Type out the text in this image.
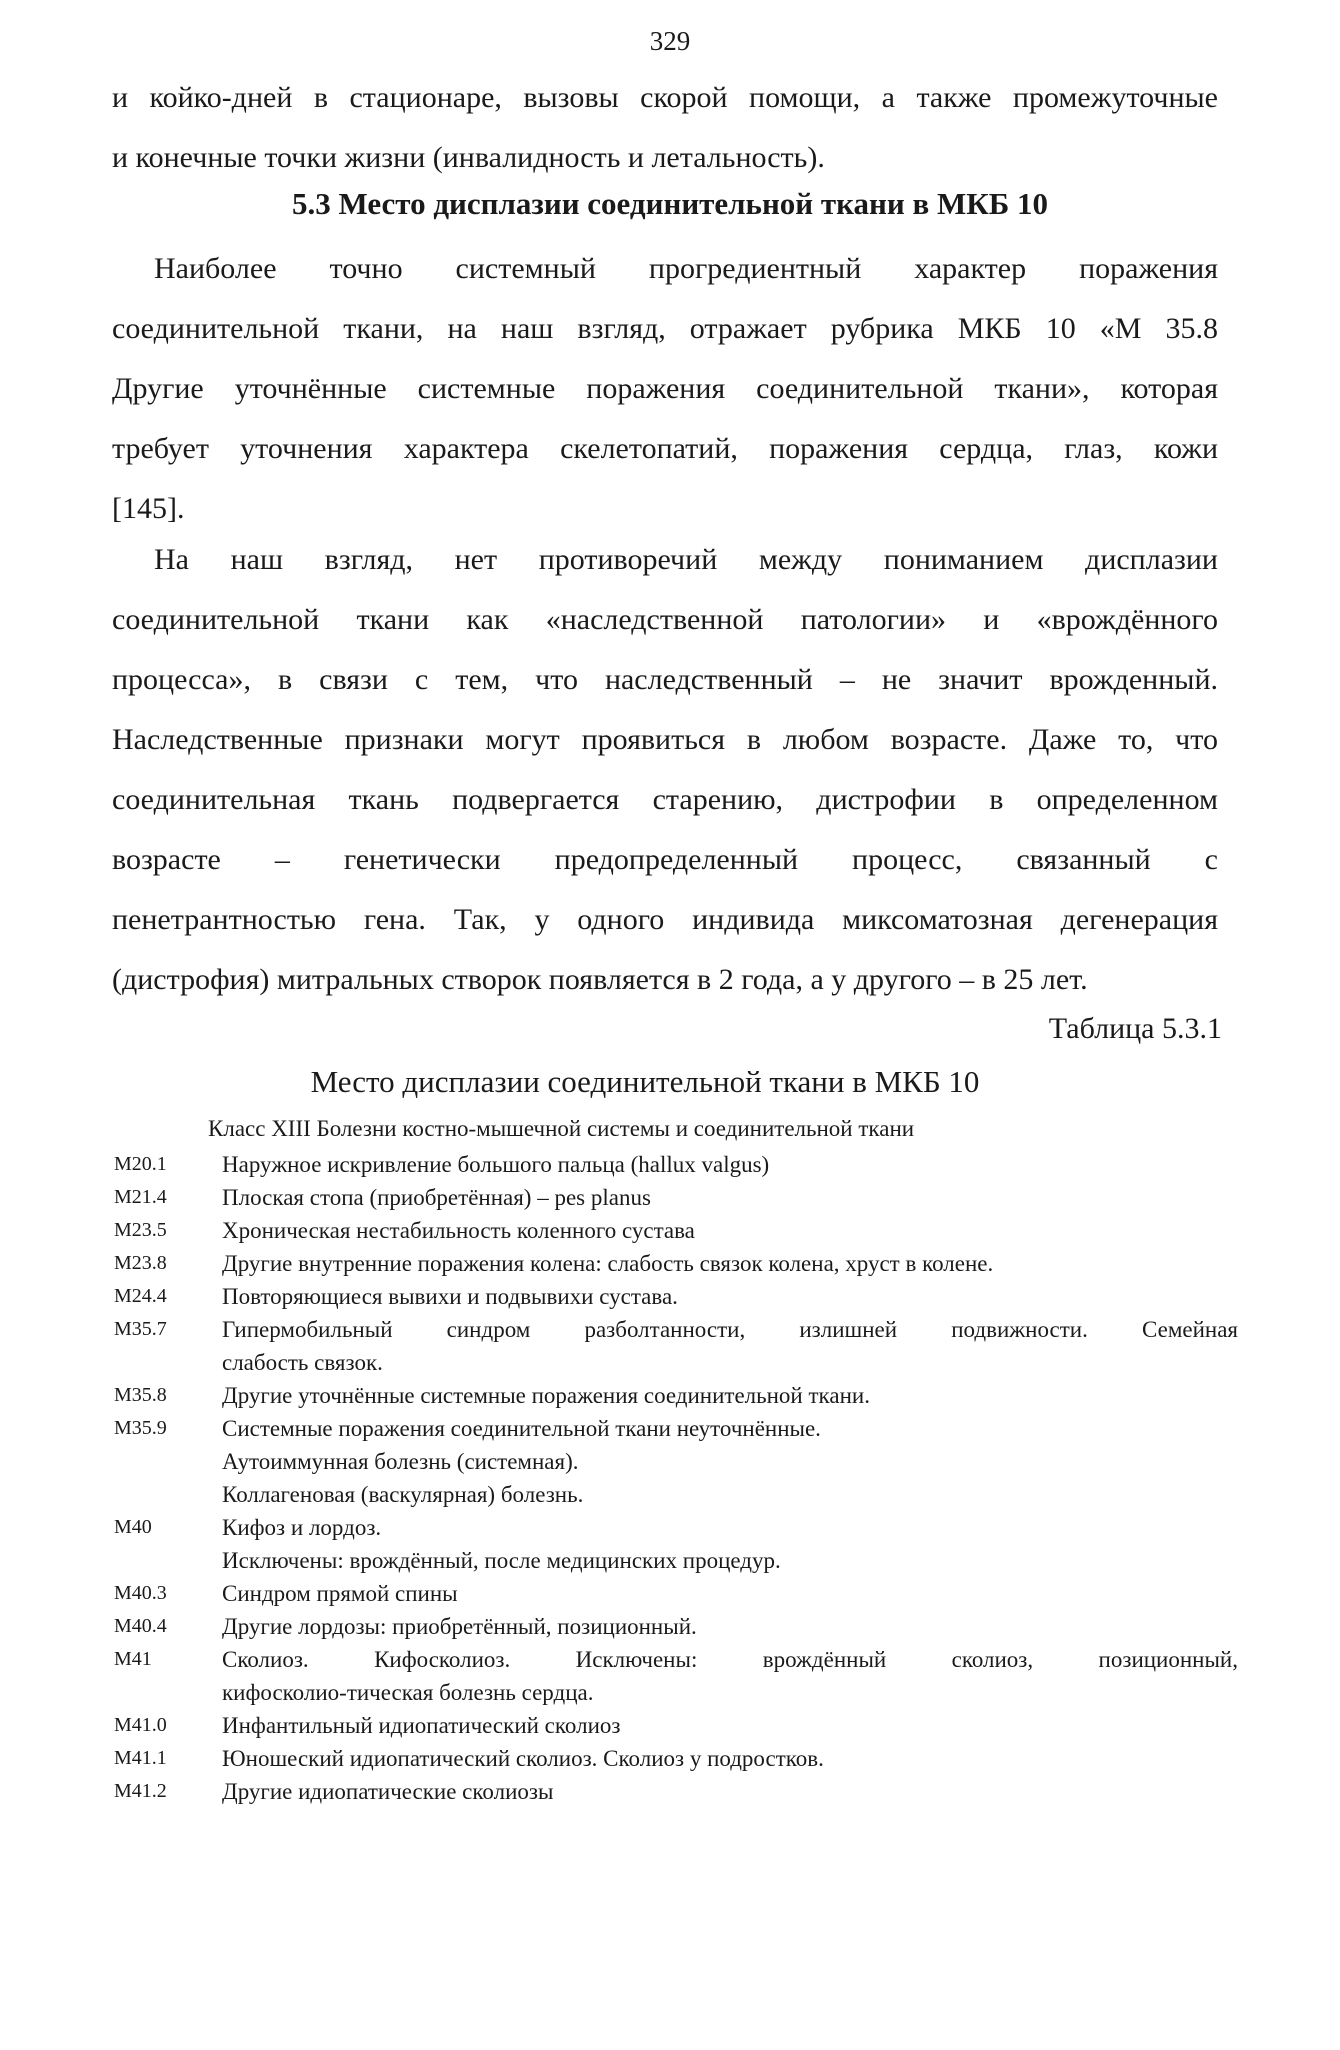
329
и койко-дней в стационаре, вызовы скорой помощи, а также промежуточные
и конечные точки жизни (инвалидность и летальность).
5.3 Место дисплазии соединительной ткани в МКБ 10
Наиболее точно системный прогредиентный характер поражения
соединительной ткани, на наш взгляд, отражает рубрика МКБ 10 «М 35.8
Другие уточнённые системные поражения соединительной ткани», которая
требует уточнения характера скелетопатий, поражения сердца, глаз, кожи
[145].
На наш взгляд, нет противоречий между пониманием дисплазии
соединительной ткани как «наследственной патологии» и «врождённого
процесса», в связи с тем, что наследственный – не значит врожденный.
Наследственные признаки могут проявиться в любом возрасте. Даже то, что
соединительная ткань подвергается старению, дистрофии в определенном
возрасте – генетически предопределенный процесс, связанный с
пенетрантностью гена. Так, у одного индивида миксоматозная дегенерация
(дистрофия) митральных створок появляется в 2 года, а у другого – в 25 лет.
Таблица 5.3.1
Место дисплазии соединительной ткани в МКБ 10
Класс XIII Болезни костно-мышечной системы и соединительной ткани
M20.1	Наружное искривление большого пальца (hallux valgus)
M21.4	Плоская стопа (приобретённая) – pes planus
M23.5	Хроническая нестабильность коленного сустава
M23.8	Другие внутренние поражения колена: слабость связок колена, хруст в колене.
M24.4	Повторяющиеся вывихи и подвывихи сустава.
M35.7	Гипермобильный синдром разболтанности, излишней подвижности. Семейная
слабость связок.
M35.8	Другие уточнённые системные поражения соединительной ткани.
M35.9	Системные поражения соединительной ткани неуточнённые.
Аутоиммунная болезнь (системная).
Коллагеновая (васкулярная) болезнь.
M40	Кифоз и лордоз.
Исключены: врождённый, после медицинских процедур.
M40.3	Синдром прямой спины
M40.4	Другие лордозы: приобретённый, позиционный.
M41	Сколиоз. Кифосколиоз. Исключены: врождённый сколиоз, позиционный,
кифосколио-тическая болезнь сердца.
M41.0	Инфантильный идиопатический сколиоз
M41.1	Юношеский идиопатический сколиоз. Сколиоз у подростков.
M41.2	Другие идиопатические сколиозы
